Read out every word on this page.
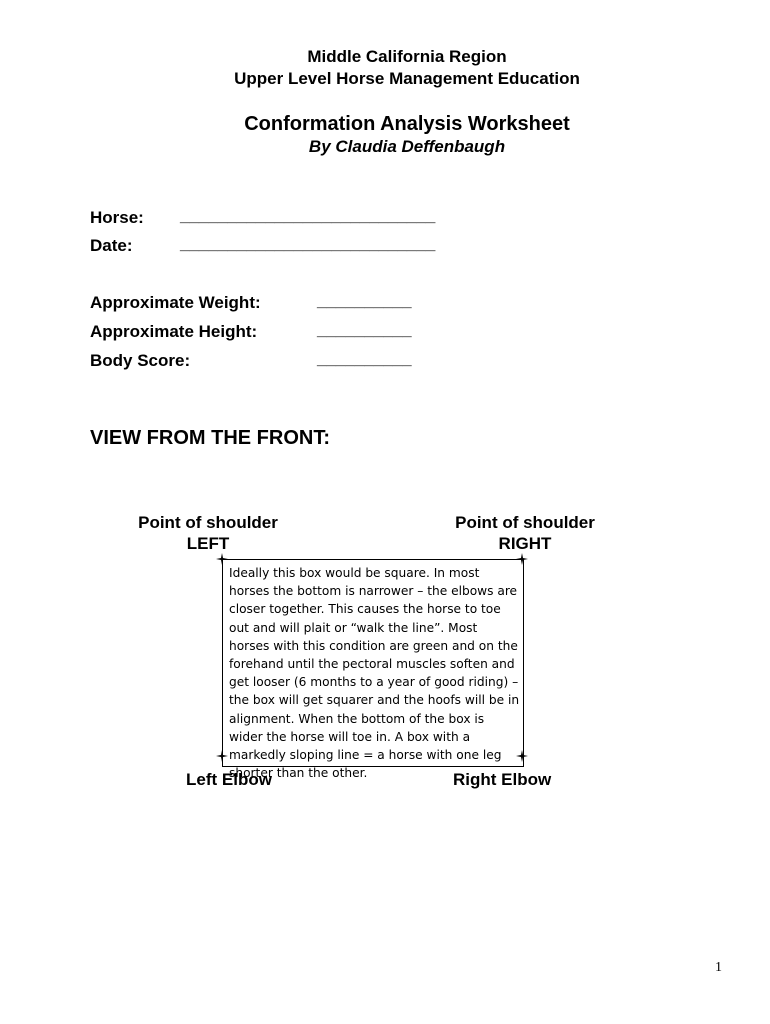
Middle California Region
Upper Level Horse Management Education
Conformation Analysis Worksheet
By Claudia Deffenbaugh
Horse: ___________________________
Date:	___________________________
Approximate Weight:	__________
Approximate Height:	__________
Body Score:	__________
VIEW FROM THE FRONT:
Point of shoulder
LEFT
Point of shoulder
RIGHT
Ideally this box would be square. In most horses the bottom is narrower – the elbows are closer together. This causes the horse to toe out and will plait or “walk the line”. Most horses with this condition are green and on the forehand until the pectoral muscles soften and get looser (6 months to a year of good riding) – the box will get squarer and the hoofs will be in alignment. When the bottom of the box is wider the horse will toe in. A box with a markedly sloping line = a horse with one leg shorter than the other.
Left Elbow	Right Elbow
1
